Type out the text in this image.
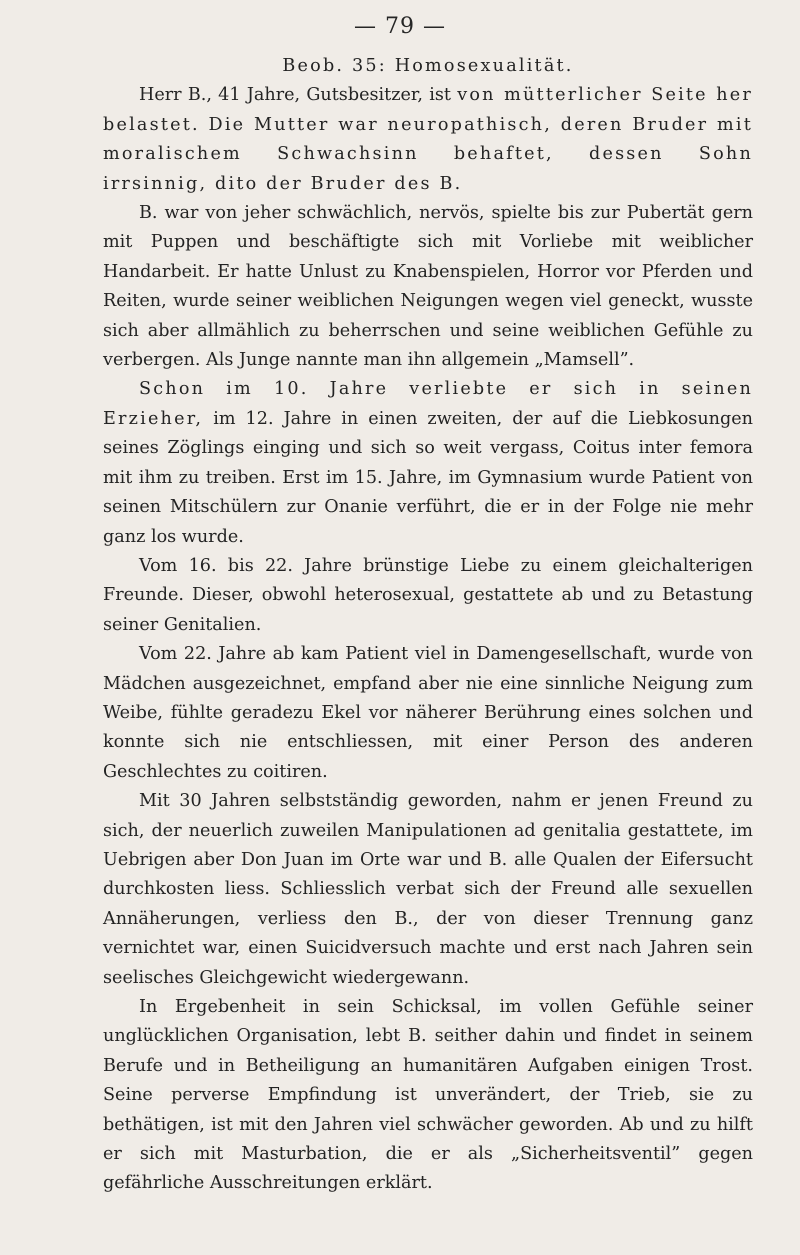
— 79 —

Beob. 35: Homosexualität.

Herr B., 41 Jahre, Gutsbesitzer, ist von mütterlicher Seite her belastet. Die Mutter war neuropathisch, deren Bruder mit moralischem Schwachsinn behaftet, dessen Sohn irrsinnig, dito der Bruder des B.

B. war von jeher schwächlich, nervös, spielte bis zur Pubertät gern mit Puppen und beschäftigte sich mit Vorliebe mit weiblicher Handarbeit. Er hatte Unlust zu Knabenspielen, Horror vor Pferden und Reiten, wurde seiner weiblichen Neigungen wegen viel geneckt, wusste sich aber allmählich zu beherrschen und seine weiblichen Gefühle zu verbergen. Als Junge nannte man ihn allgemein „Mamsell”.

Schon im 10. Jahre verliebte er sich in seinen Erzieher, im 12. Jahre in einen zweiten, der auf die Liebkosungen seines Zöglings einging und sich so weit vergass, Coitus inter femora mit ihm zu treiben. Erst im 15. Jahre, im Gymnasium wurde Patient von seinen Mitschülern zur Onanie verführt, die er in der Folge nie mehr ganz los wurde.

Vom 16. bis 22. Jahre brünstige Liebe zu einem gleichalterigen Freunde. Dieser, obwohl heterosexual, gestattete ab und zu Betastung seiner Genitalien.

Vom 22. Jahre ab kam Patient viel in Damengesellschaft, wurde von Mädchen ausgezeichnet, empfand aber nie eine sinnliche Neigung zum Weibe, fühlte geradezu Ekel vor näherer Berührung eines solchen und konnte sich nie entschliessen, mit einer Person des anderen Geschlechtes zu coitiren.

Mit 30 Jahren selbstständig geworden, nahm er jenen Freund zu sich, der neuerlich zuweilen Manipulationen ad genitalia gestattete, im Uebrigen aber Don Juan im Orte war und B. alle Qualen der Eifersucht durchkosten liess. Schliesslich verbat sich der Freund alle sexuellen Annäherungen, verliess den B., der von dieser Trennung ganz vernichtet war, einen Suicidversuch machte und erst nach Jahren sein seelisches Gleichgewicht wiedergewann.

In Ergebenheit in sein Schicksal, im vollen Gefühle seiner unglücklichen Organisation, lebt B. seither dahin und findet in seinem Berufe und in Betheiligung an humanitären Aufgaben einigen Trost. Seine perverse Empfindung ist unverändert, der Trieb, sie zu bethätigen, ist mit den Jahren viel schwächer geworden. Ab und zu hilft er sich mit Masturbation, die er als „Sicherheitsventil” gegen gefährliche Ausschreitungen erklärt.
